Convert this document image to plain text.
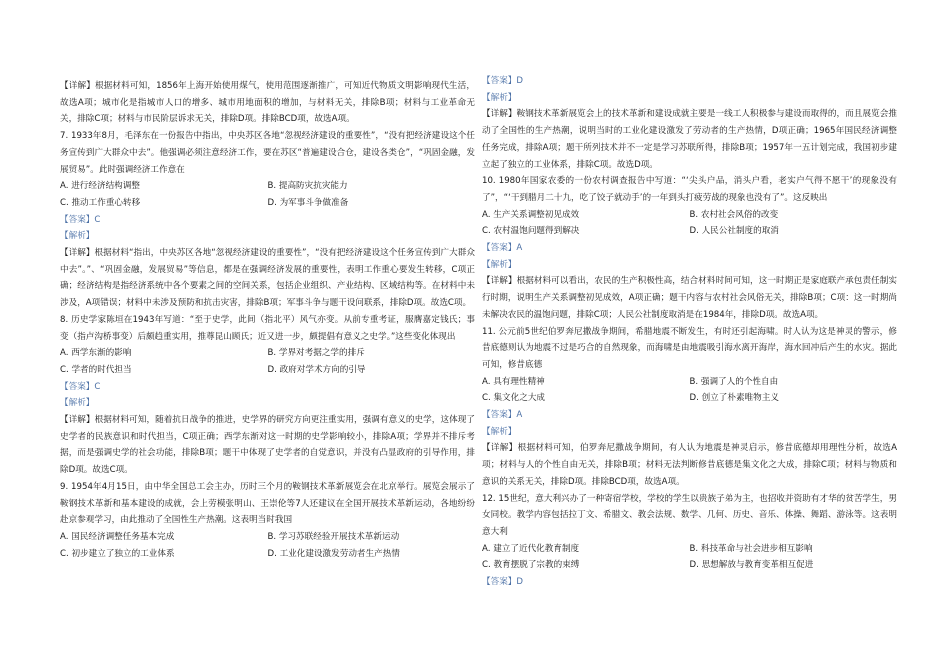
【详解】根据材料可知，1856年上海开始使用煤气，使用范围逐渐推广，可知近代物质文明影响现代生活，故选A项；城市化是指城市人口的增多、城市用地面积的增加，与材料无关，排除B项；材料与工业革命无关，排除C项；材料与市民阶层诉求无关，排除D项。排除BCD项，故选A项。

7. 1933年8月，毛泽东在一份报告中指出，中央苏区各地“忽视经济建设的重要性”，“没有把经济建设这个任务宣传到广大群众中去”。他强调必须注意经济工作，要在苏区“普遍建设合仓，建设各类仓”，“巩固金融，发展贸易”。此时强调经济工作意在

A. 进行经济结构调整	B. 提高防灾抗灾能力
C. 推动工作重心转移	D. 为军事斗争做准备

【答案】C

【解析】

【详解】根据材料“指出，中央苏区各地“忽视经济建设的重要性”，“没有把经济建设这个任务宣传到广大群众中去”。”、“巩固金融，发展贸易”等信息，都是在强调经济发展的重要性，表明工作重心要发生转移，C项正确；经济结构是指经济系统中各个要素之间的空间关系，包括企业组织、产业结构、区域结构等。在材料中未涉及，A项错误；材料中未涉及预防和抗击灾害，排除B项；军事斗争与题干设问联系，排除D项。故选C项。

8. 历史学家陈垣在1943年写道：“至于史学，此间（指北平）风气亦变。从前专重考证，服膺嘉定钱氏；事变（指卢沟桥事变）后颇趋重实用，推尊昆山顾氏；近又进一步，颇提倡有意义之史学。”这些变化体现出

A. 西学东渐的影响	B. 学界对考据之学的排斥
C. 学者的时代担当	D. 政府对学术方向的引导

【答案】C

【解析】

【详解】根据材料可知，随着抗日战争的推进，史学界的研究方向更注重实用，强调有意义的史学，这体现了史学者的民族意识和时代担当，C项正确；西学东渐对这一时期的史学影响较小，排除A项；学界并不排斥考据，而是强调史学的社会功能，排除B项；题干中体现了史学者的自觉意识，并没有凸显政府的引导作用，排除D项。故选C项。

9. 1954年4月15日，由中华全国总工会主办，历时三个月的鞍钢技术革新展览会在北京举行。展览会展示了鞍钢技术革新和基本建设的成就，会上劳模张明山、王崇伦等7人还建议在全国开展技术革新运动，各地纷纷赴京参观学习，由此推动了全国性生产热潮。这表明当时我国

A. 国民经济调整任务基本完成	B. 学习苏联经验开展技术革新运动
C. 初步建立了独立的工业体系	D. 工业化建设激发劳动者生产热情

【答案】D

【解析】

【详解】鞍钢技术革新展览会上的技术革新和建设成就主要是一线工人积极参与建设而取得的，而且展览会推动了全国性的生产热潮，说明当时的工业化建设激发了劳动者的生产热情，D项正确；1965年国民经济调整任务完成，排除A项；题干所列技术并不一定是学习苏联所得，排除B项；1957年一五计划完成，我国初步建立起了独立的工业体系，排除C项。故选D项。

10. 1980年国家农委的一份农村调查报告中写道：“‘尖头户品，消头户看，老实户气得不愿干’的现象没有了”，“‘干到腊月二十九，吃了饺子就动手’的一年到头打疲劳战的现象也没有了”。这反映出

A. 生产关系调整初见成效	B. 农村社会风俗的改变
C. 农村温饱问题得到解决	D. 人民公社制度的取消

【答案】A

【解析】

【详解】根据材料可以看出，农民的生产积极性高，结合材料时间可知，这一时期正是家庭联产承包责任制实行时期，说明生产关系调整初见成效，A项正确；题干内容与农村社会风俗无关，排除B项；C项：这一时期尚未解决农民的温饱问题，排除C项；人民公社制度取消是在1984年，排除D项。故选A项。

11. 公元前5世纪伯罗奔尼撒战争期间，希腊地震不断发生，有时还引起海啸。时人认为这是神灵的警示，修昔底德则认为地震不过是巧合的自然现象，而海啸是由地震吸引海水离开海岸，海水回冲后产生的水灾。据此可知，修昔底德

A. 具有理性精神	B. 强调了人的个性自由
C. 集文化之大成	D. 创立了朴素唯物主义

【答案】A

【解析】

【详解】根据材料可知，伯罗奔尼撒战争期间，有人认为地震是神灵启示，修昔底德却用理性分析，故选A项；材料与人的个性自由无关，排除B项；材料无法判断修昔底德是集文化之大成，排除C项；材料与物质和意识的关系无关，排除D项。排除BCD项，故选A项。

12. 15世纪，意大利兴办了一种寄宿学校，学校的学生以贵族子弟为主，也招收并资助有才华的贫苦学生，男女同校。教学内容包括拉丁文、希腊文、教会法规、数学、几何、历史、音乐、体操、舞蹈、游泳等。这表明意大利

A. 建立了近代化教育制度	B. 科技革命与社会进步相互影响
C. 教育摆脱了宗教的束缚	D. 思想解放与教育变革相互促进

【答案】D
